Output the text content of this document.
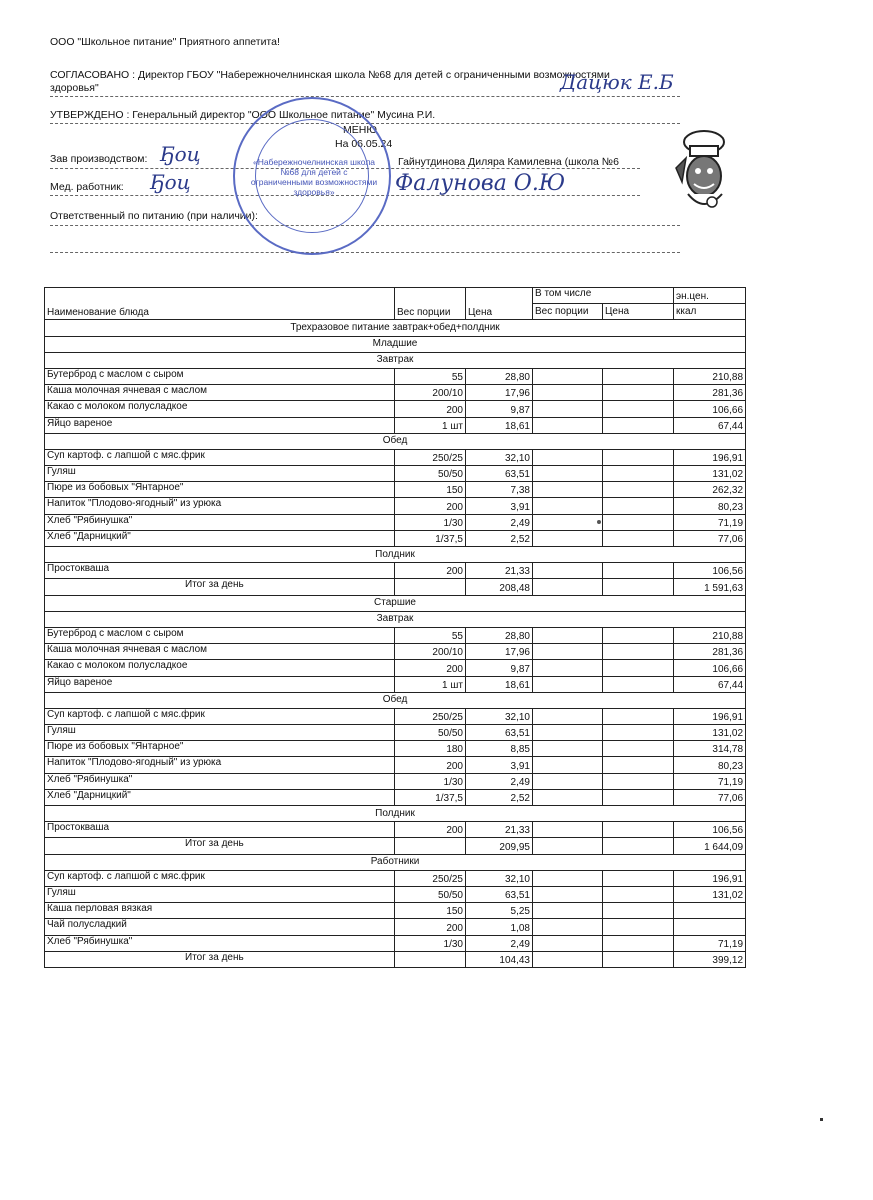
ООО "Школьное питание" Приятного аппетита!
СОГЛАСОВАНО : Директор ГБОУ "Набережночелнинская школа №68 для детей с ограниченными возможностями
здоровья"
УТВЕРЖДЕНО : Генеральный директор "ООО Школьное питание" Мусина Р.И.
МЕНЮ
На 06.05.24
Зав производством:	Гайнутдинова Диляра Камилевна (школа №6
Мед. работник:
Ответственный по питанию (при наличии):
Ҕоц
Ҕоц
Дацюк Е.Б
Фалунова О.Ю
«Набережночелнинская школа №68 для детей с ограниченными возможностями здоровья»
Наименование блюда	Вес порции	Цена	В том числе		эн.цен.
			Вес порции	Цена	ккал
Трехразовое питание завтрак+обед+полдник					
Младшие					
Завтрак					
Бутерброд с маслом с сыром	55	28,80			210,88
Каша молочная ячневая с маслом	200/10	17,96			281,36
Какао с молоком полусладкое	200	9,87			106,66
Яйцо вареное	1 шт	18,61			67,44
Обед					
Суп картоф. с лапшой с мяс.фрик	250/25	32,10			196,91
Гуляш	50/50	63,51			131,02
Пюре из бобовых "Янтарное"	150	7,38			262,32
Напиток "Плодово-ягодный" из урюка	200	3,91			80,23
Хлеб "Рябинушка"	1/30	2,49			71,19
Хлеб "Дарницкий"	1/37,5	2,52			77,06
Полдник					
Простокваша	200	21,33			106,56
Итог за день		208,48			1 591,63
Старшие					
Завтрак					
Бутерброд с маслом с сыром	55	28,80			210,88
Каша молочная ячневая с маслом	200/10	17,96			281,36
Какао с молоком полусладкое	200	9,87			106,66
Яйцо вареное	1 шт	18,61			67,44
Обед					
Суп картоф. с лапшой с мяс.фрик	250/25	32,10			196,91
Гуляш	50/50	63,51			131,02
Пюре из бобовых "Янтарное"	180	8,85			314,78
Напиток "Плодово-ягодный" из урюка	200	3,91			80,23
Хлеб "Рябинушка"	1/30	2,49			71,19
Хлеб "Дарницкий"	1/37,5	2,52			77,06
Полдник					
Простокваша	200	21,33			106,56
Итог за день		209,95			1 644,09
Работники					
Суп картоф. с лапшой с мяс.фрик	250/25	32,10			196,91
Гуляш	50/50	63,51			131,02
Каша перловая вязкая	150	5,25			
Чай полусладкий	200	1,08			
Хлеб "Рябинушка"	1/30	2,49			71,19
Итог за день		104,43			399,12
